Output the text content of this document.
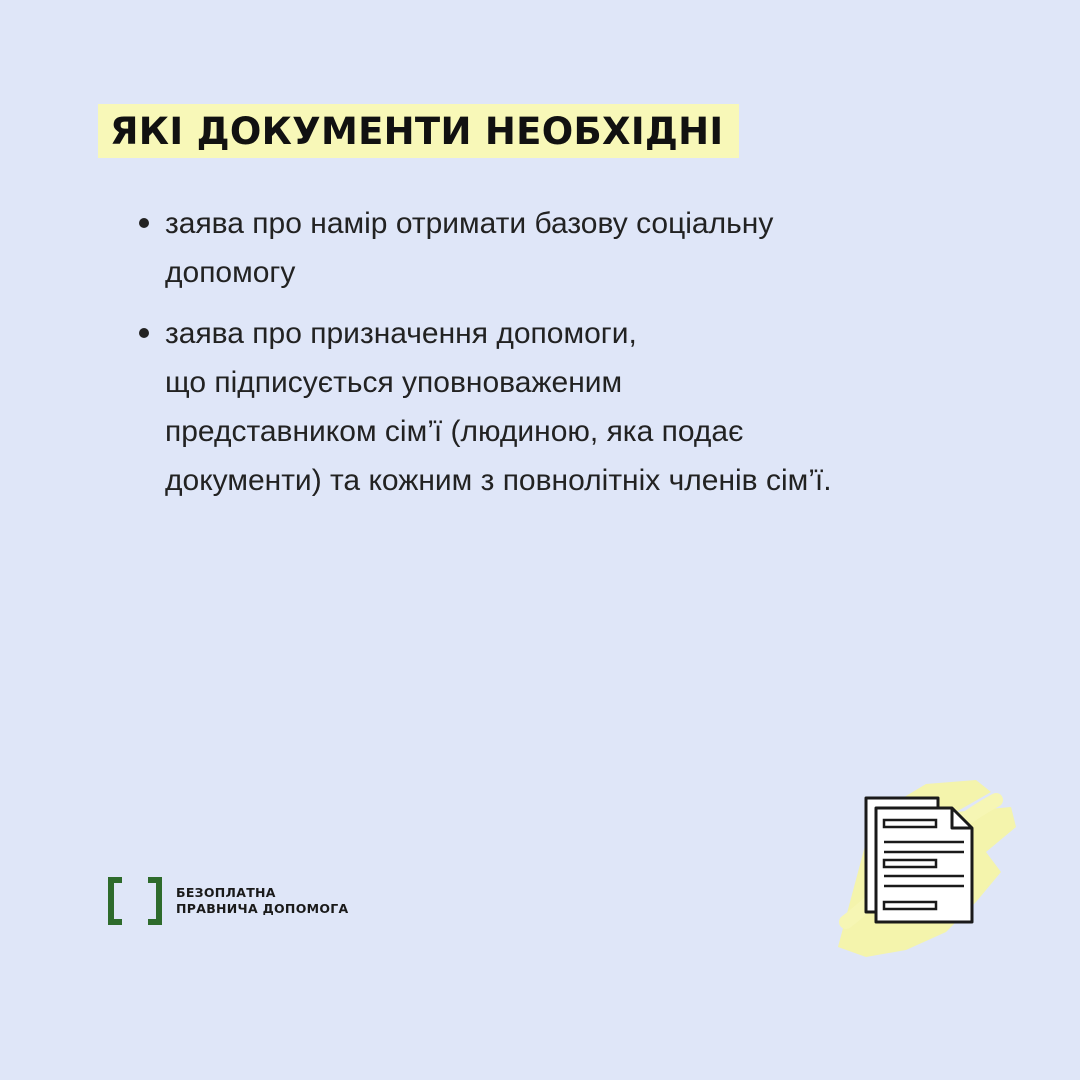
ЯКІ ДОКУМЕНТИ НЕОБХІДНІ
заява про намір отримати базову соціальну
допомогу
заява про призначення допомоги,
що підписується уповноваженим
представником сім’ї (людиною, яка подає
документи) та кожним з повнолітніх членів сім’ї.
БЕЗОПЛАТНА
ПРАВНИЧА ДОПОМОГА
